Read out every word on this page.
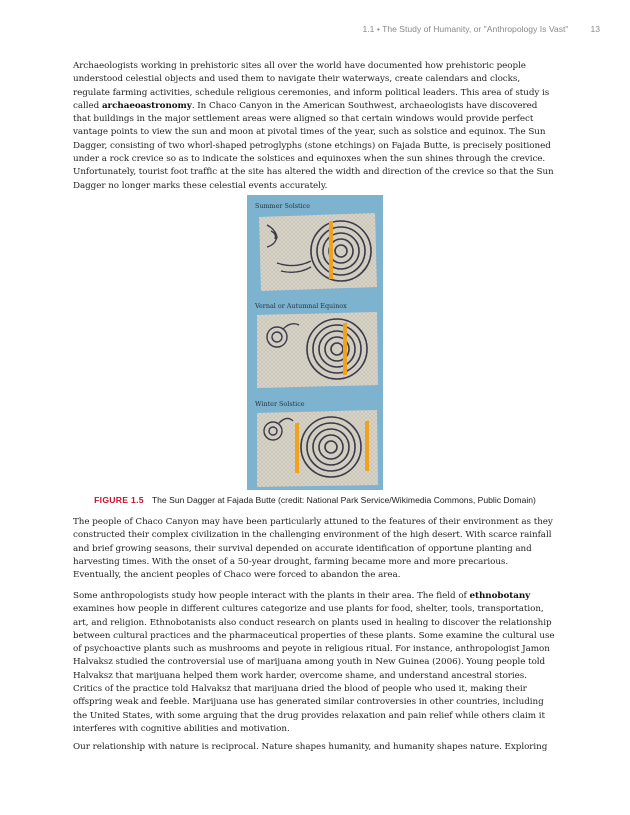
1.1 • The Study of Humanity, or "Anthropology Is Vast"	13

Archaeologists working in prehistoric sites all over the world have documented how prehistoric people understood celestial objects and used them to navigate their waterways, create calendars and clocks, regulate farming activities, schedule religious ceremonies, and inform political leaders. This area of study is called archaeoastronomy. In Chaco Canyon in the American Southwest, archaeologists have discovered that buildings in the major settlement areas were aligned so that certain windows would provide perfect vantage points to view the sun and moon at pivotal times of the year, such as solstice and equinox. The Sun Dagger, consisting of two whorl-shaped petroglyphs (stone etchings) on Fajada Butte, is precisely positioned under a rock crevice so as to indicate the solstices and equinoxes when the sun shines through the crevice. Unfortunately, tourist foot traffic at the site has altered the width and direction of the crevice so that the Sun Dagger no longer marks these celestial events accurately.

Summer Solstice
Vernal or Autumnal Equinox
Winter Solstice
FIGURE 1.5 The Sun Dagger at Fajada Butte (credit: National Park Service/Wikimedia Commons, Public Domain)

The people of Chaco Canyon may have been particularly attuned to the features of their environment as they constructed their complex civilization in the challenging environment of the high desert. With scarce rainfall and brief growing seasons, their survival depended on accurate identification of opportune planting and harvesting times. With the onset of a 50-year drought, farming became more and more precarious. Eventually, the ancient peoples of Chaco were forced to abandon the area.

Some anthropologists study how people interact with the plants in their area. The field of ethnobotany examines how people in different cultures categorize and use plants for food, shelter, tools, transportation, art, and religion. Ethnobotanists also conduct research on plants used in healing to discover the relationship between cultural practices and the pharmaceutical properties of these plants. Some examine the cultural use of psychoactive plants such as mushrooms and peyote in religious ritual. For instance, anthropologist Jamon Halvaksz studied the controversial use of marijuana among youth in New Guinea (2006). Young people told Halvaksz that marijuana helped them work harder, overcome shame, and understand ancestral stories. Critics of the practice told Halvaksz that marijuana dried the blood of people who used it, making their offspring weak and feeble. Marijuana use has generated similar controversies in other countries, including the United States, with some arguing that the drug provides relaxation and pain relief while others claim it interferes with cognitive abilities and motivation.

Our relationship with nature is reciprocal. Nature shapes humanity, and humanity shapes nature. Exploring
